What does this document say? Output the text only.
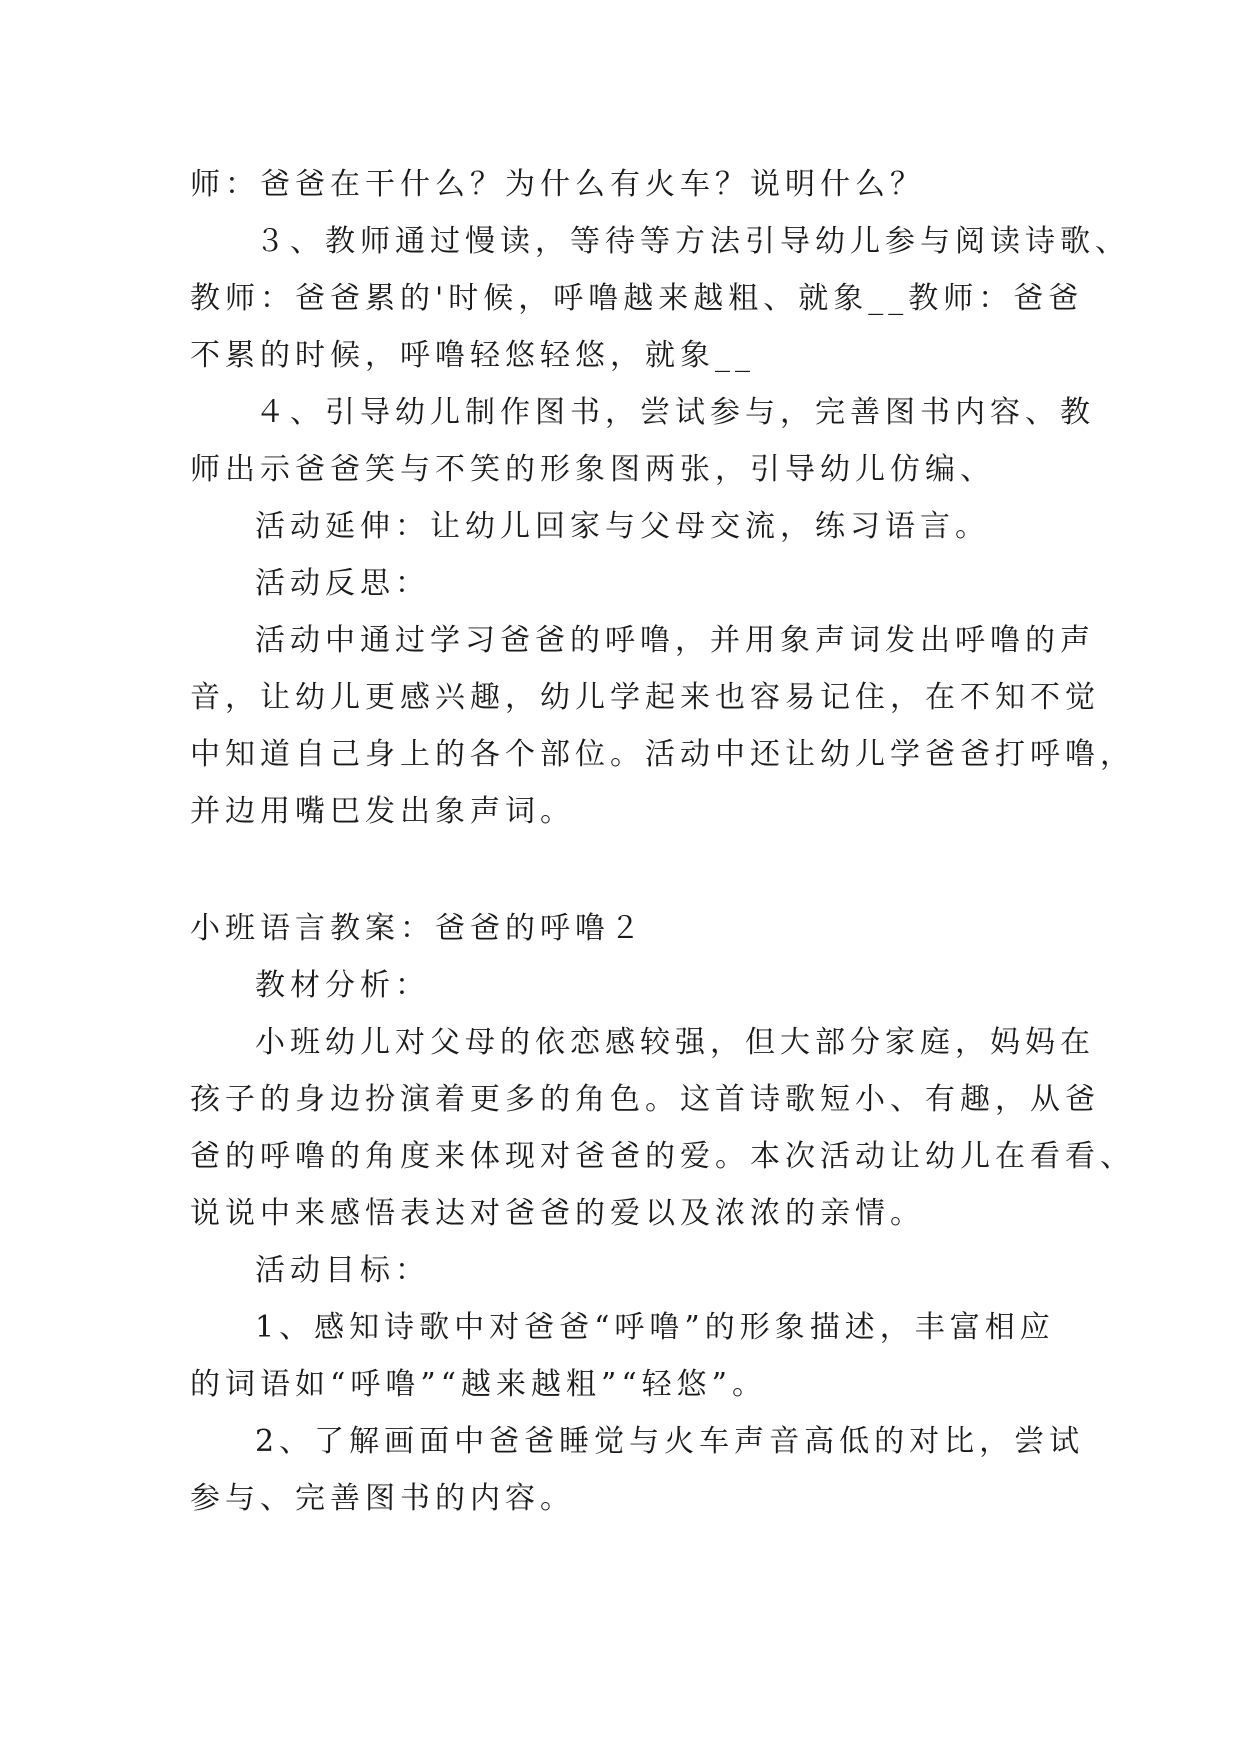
师：爸爸在干什么？为什么有火车？说明什么？
３、教师通过慢读，等待等方法引导幼儿参与阅读诗歌、
教师：爸爸累的'时候，呼噜越来越粗、就象__教师：爸爸
不累的时候，呼噜轻悠轻悠，就象__
４、引导幼儿制作图书，尝试参与，完善图书内容、教
师出示爸爸笑与不笑的形象图两张，引导幼儿仿编、
活动延伸：让幼儿回家与父母交流，练习语言。
活动反思：
活动中通过学习爸爸的呼噜，并用象声词发出呼噜的声
音，让幼儿更感兴趣，幼儿学起来也容易记住，在不知不觉
中知道自己身上的各个部位。活动中还让幼儿学爸爸打呼噜，
并边用嘴巴发出象声词。
小班语言教案：爸爸的呼噜２
教材分析：
小班幼儿对父母的依恋感较强，但大部分家庭，妈妈在
孩子的身边扮演着更多的角色。这首诗歌短小、有趣，从爸
爸的呼噜的角度来体现对爸爸的爱。本次活动让幼儿在看看、
说说中来感悟表达对爸爸的爱以及浓浓的亲情。
活动目标：
1、感知诗歌中对爸爸“呼噜”的形象描述，丰富相应
的词语如“呼噜”“越来越粗”“轻悠”。
2、了解画面中爸爸睡觉与火车声音高低的对比，尝试
参与、完善图书的内容。
